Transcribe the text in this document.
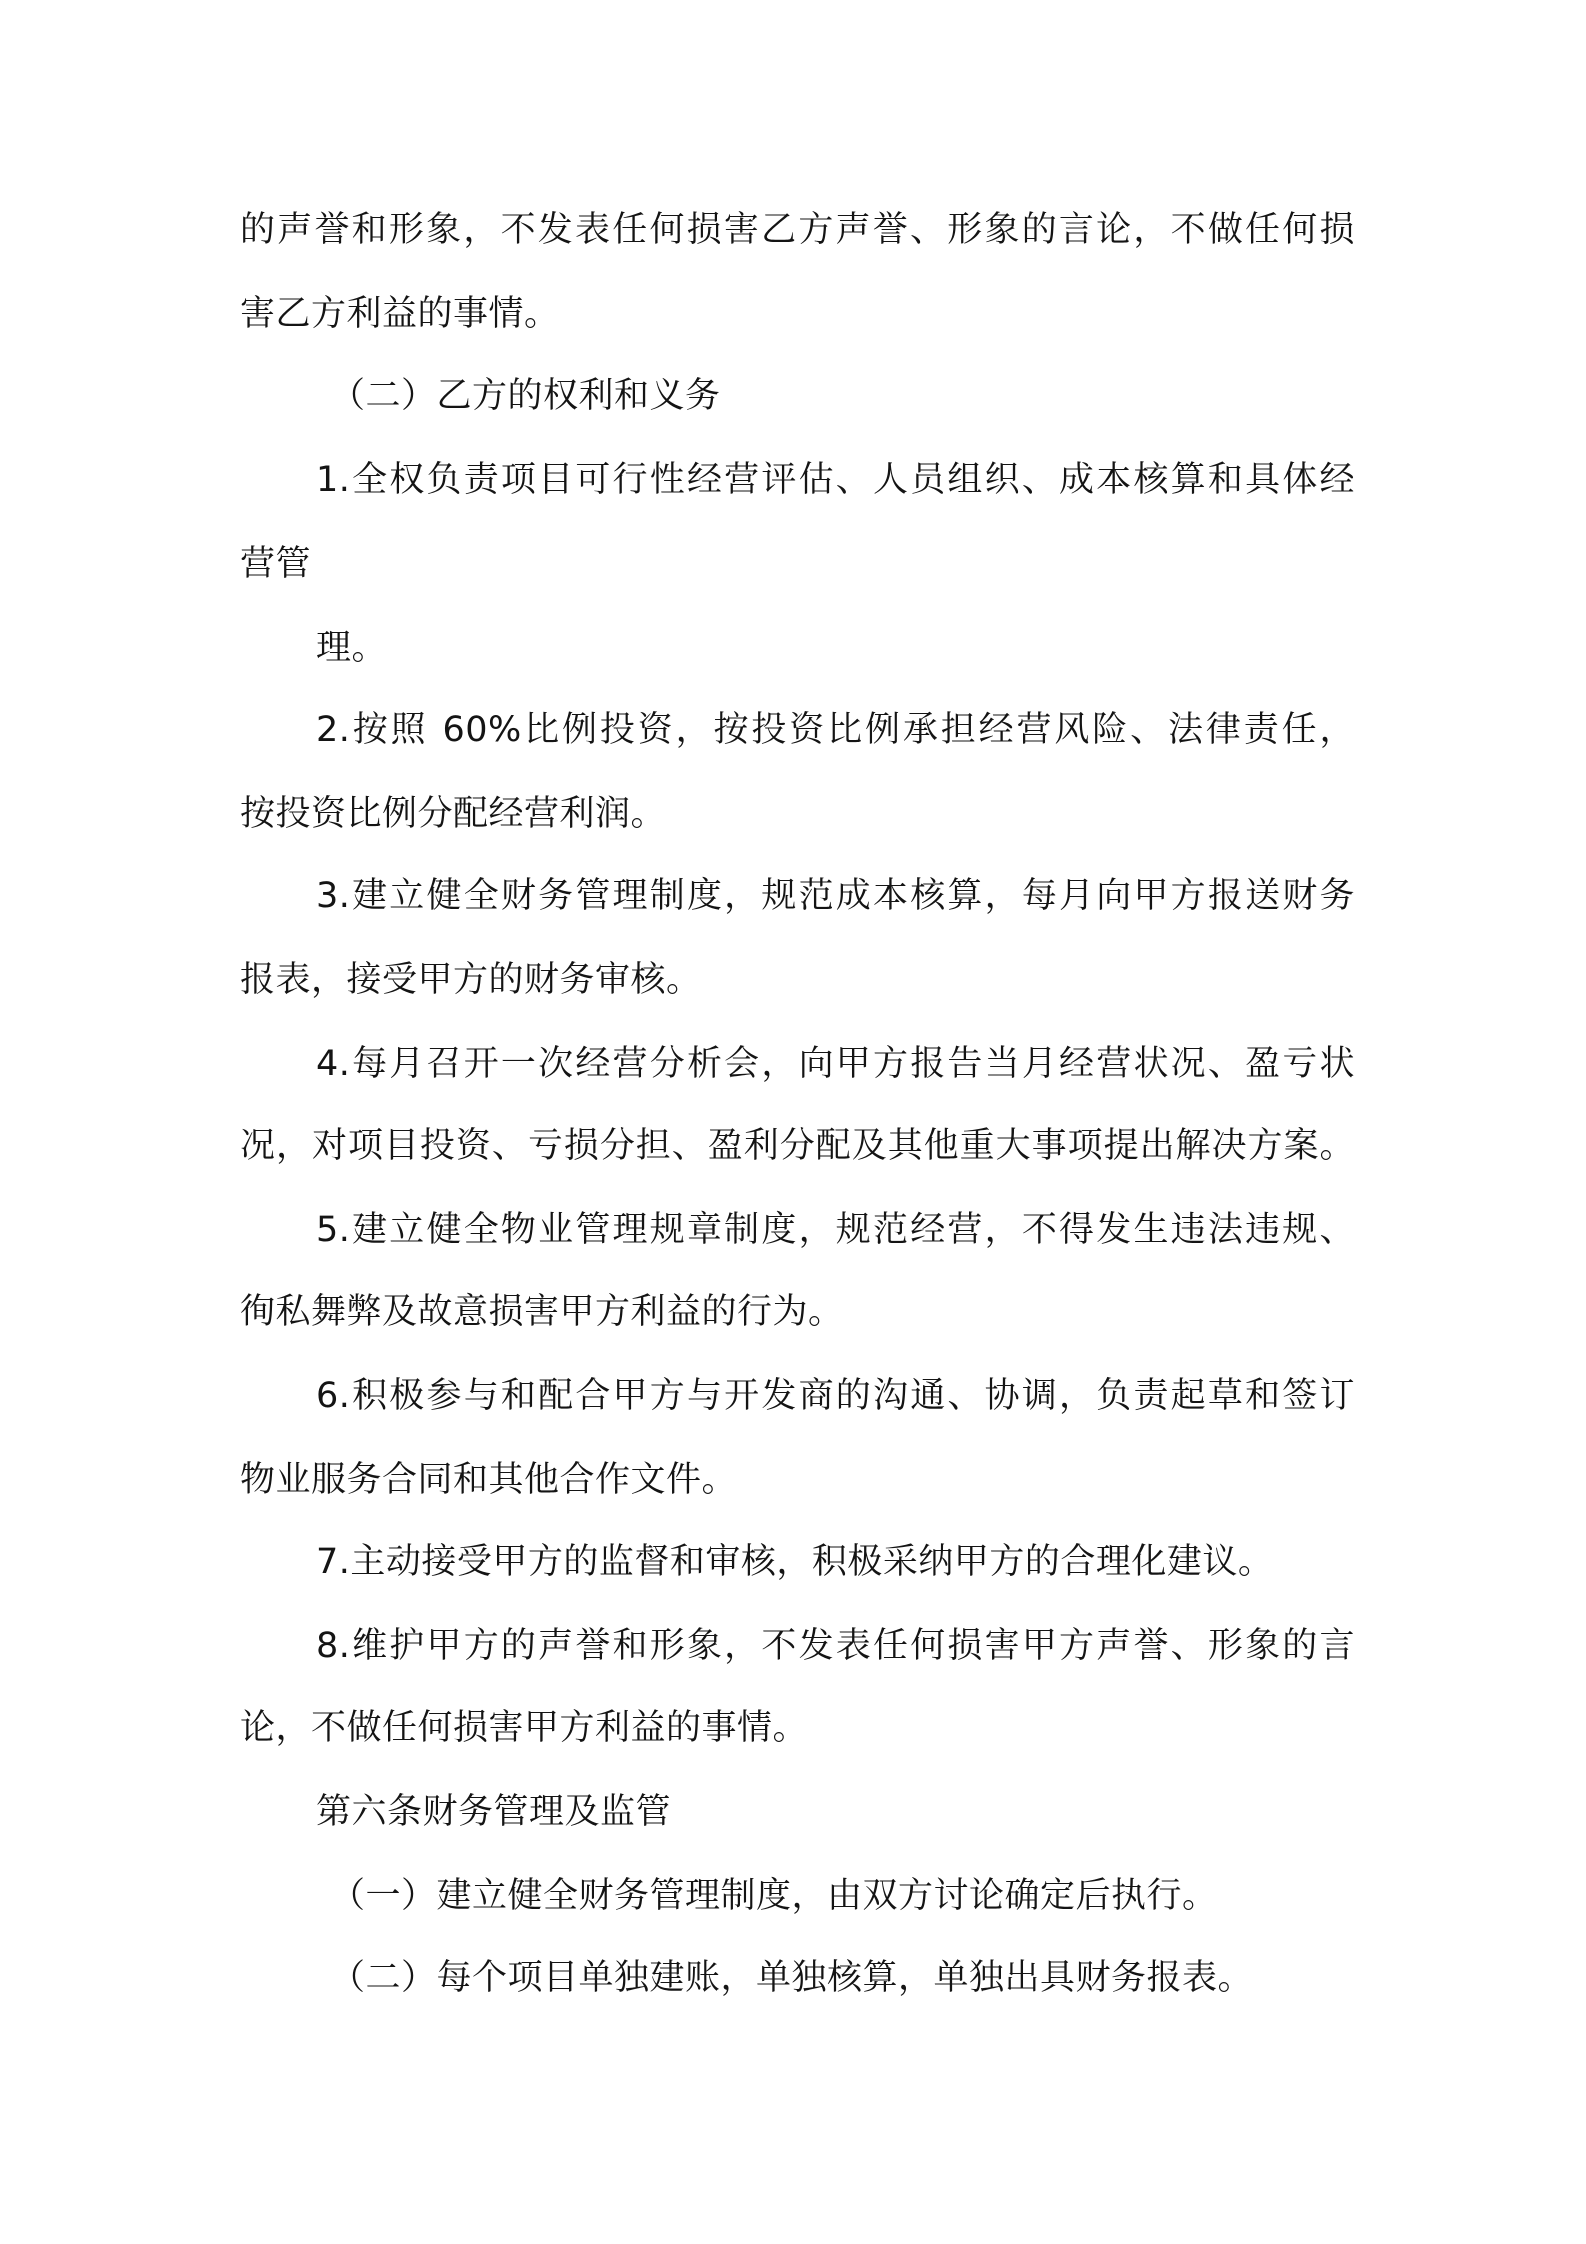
的声誉和形象，不发表任何损害乙方声誉、形象的言论，不做任何损

害乙方利益的事情。

（二）乙方的权利和义务

1.全权负责项目可行性经营评估、人员组织、成本核算和具体经

营管

理。

2.按照 60%比例投资，按投资比例承担经营风险、法律责任，

按投资比例分配经营利润。

3.建立健全财务管理制度，规范成本核算，每月向甲方报送财务

报表，接受甲方的财务审核。

4.每月召开一次经营分析会，向甲方报告当月经营状况、盈亏状

况，对项目投资、亏损分担、盈利分配及其他重大事项提出解决方案。

5.建立健全物业管理规章制度，规范经营，不得发生违法违规、

徇私舞弊及故意损害甲方利益的行为。

6.积极参与和配合甲方与开发商的沟通、协调，负责起草和签订

物业服务合同和其他合作文件。

7.主动接受甲方的监督和审核，积极采纳甲方的合理化建议。

8.维护甲方的声誉和形象，不发表任何损害甲方声誉、形象的言

论，不做任何损害甲方利益的事情。

第六条财务管理及监管

（一）建立健全财务管理制度，由双方讨论确定后执行。

（二）每个项目单独建账，单独核算，单独出具财务报表。
